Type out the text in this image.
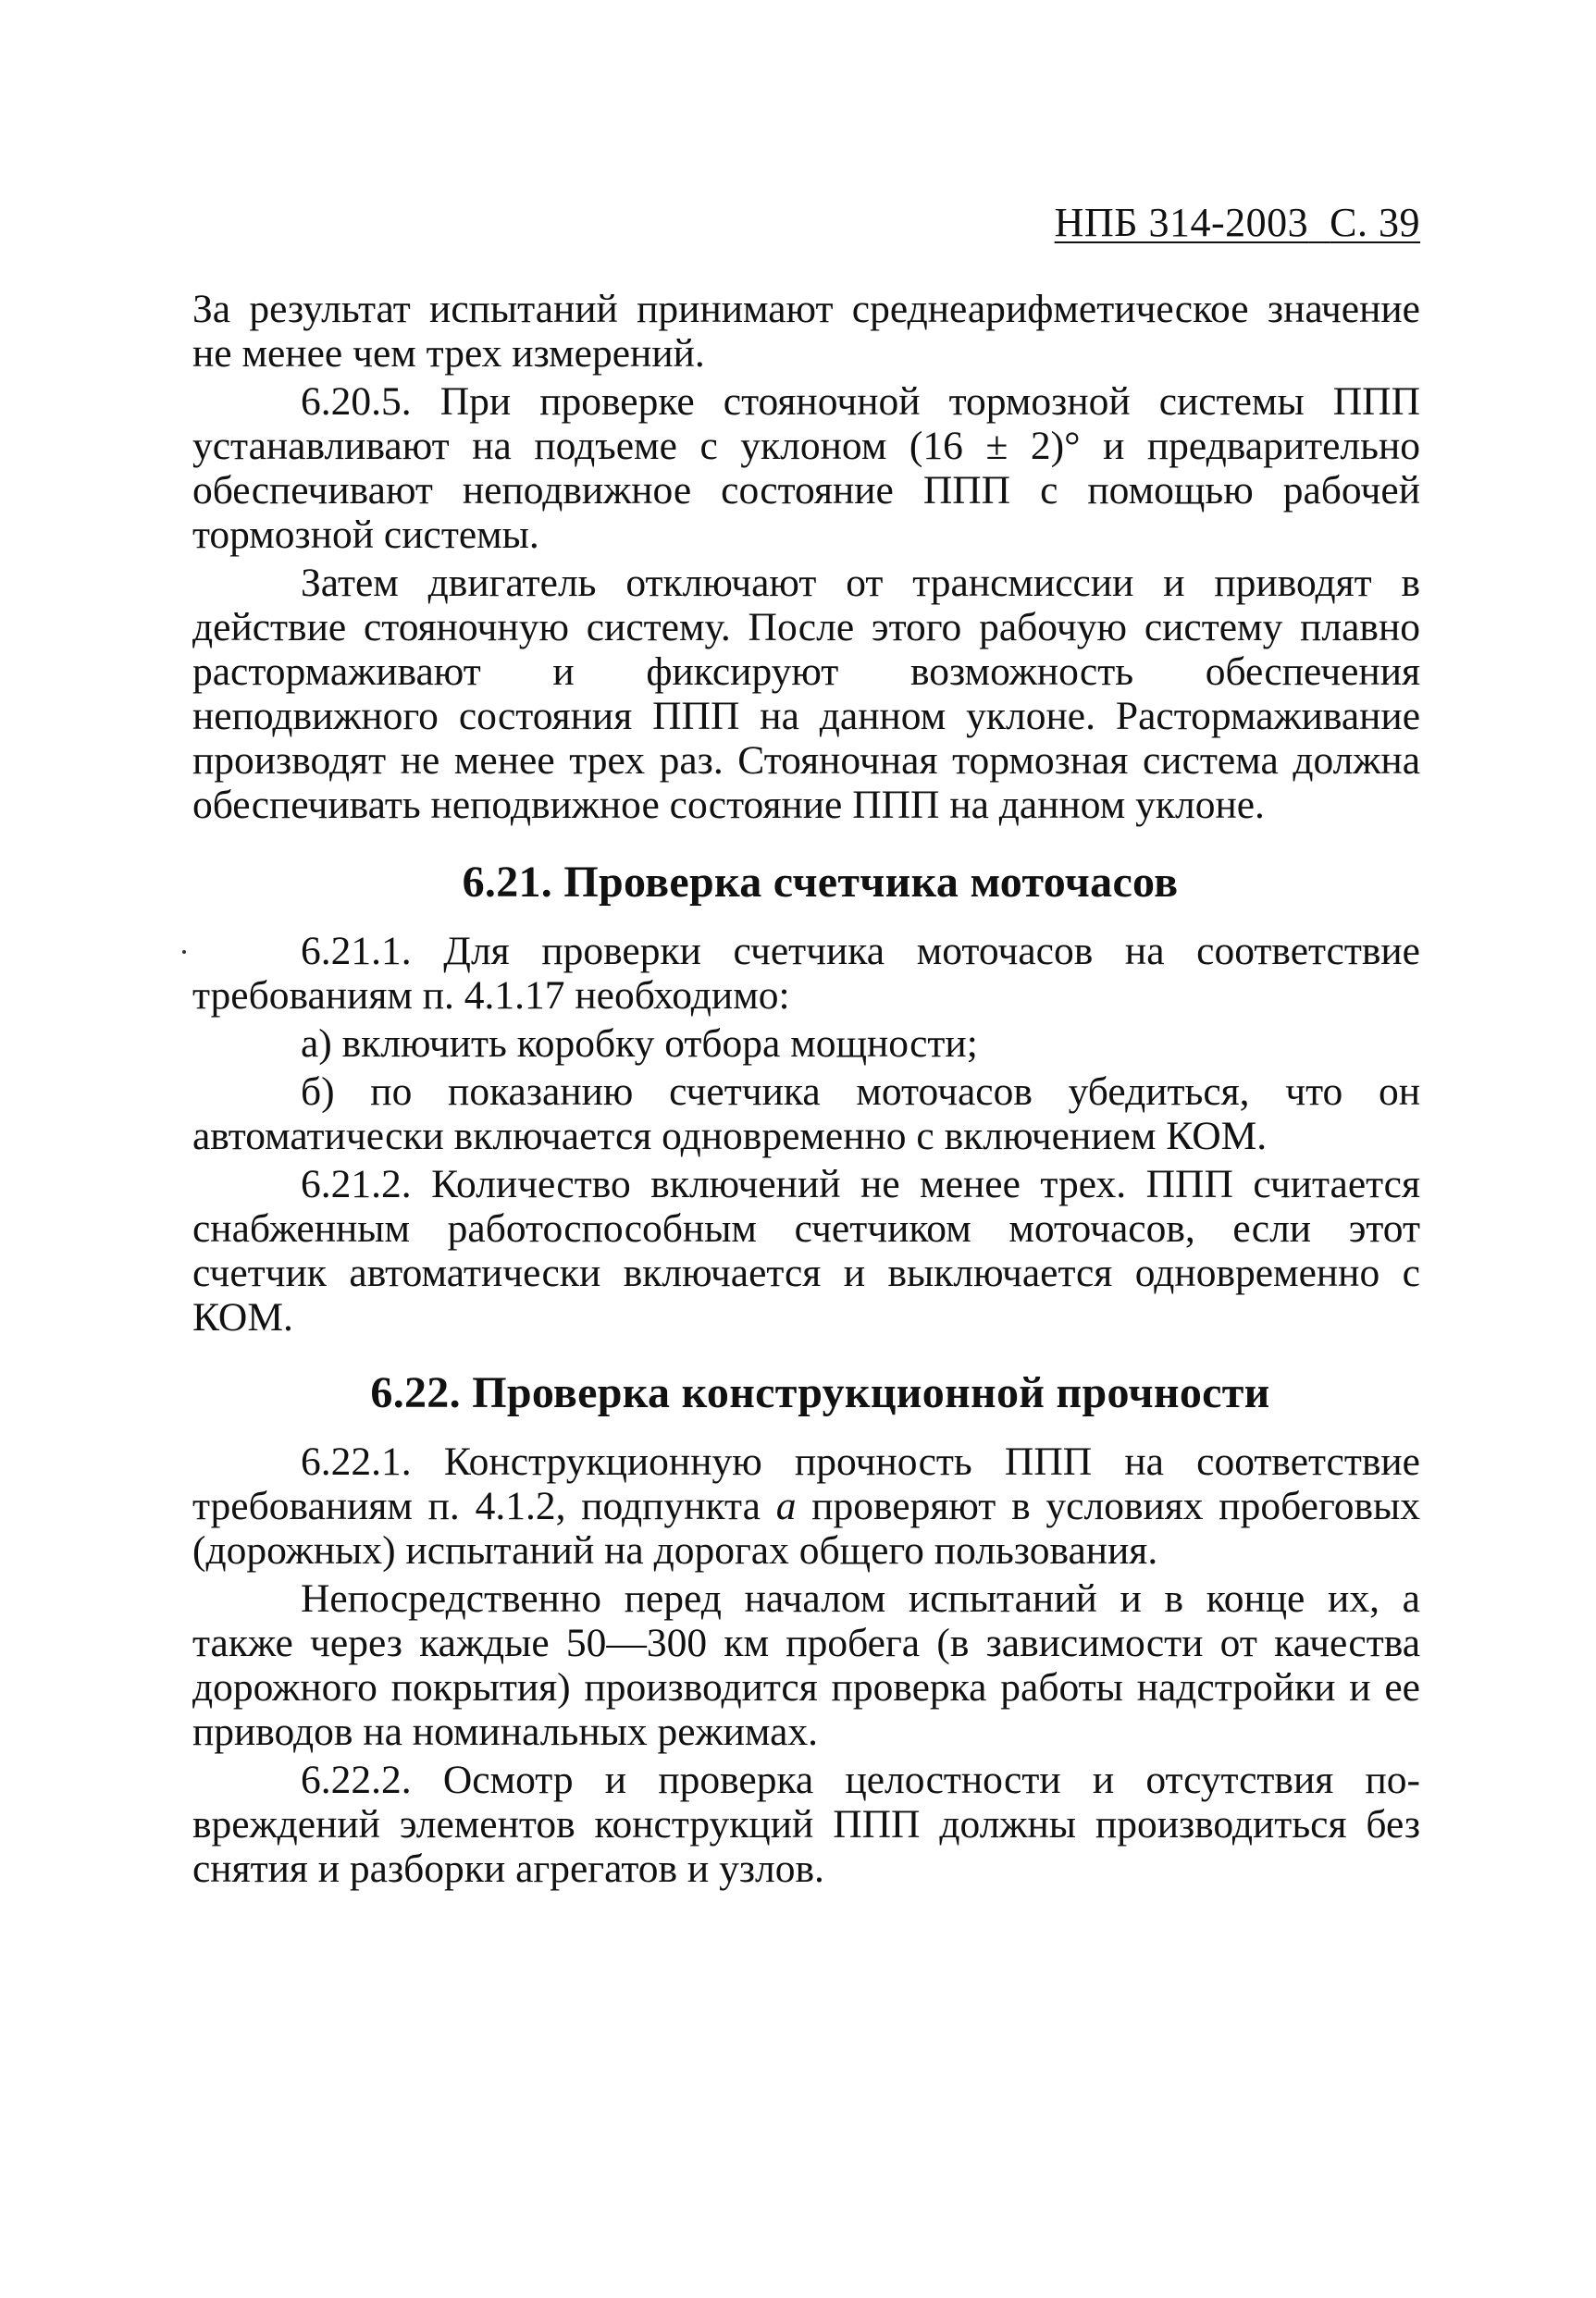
НПБ 314-2003 С. 39

За результат испытаний принимают среднеарифметическое значение не менее чем трех измерений.

6.20.5. При проверке стояночной тормозной системы ППП устанавливают на подъеме с уклоном (16 ± 2)° и предварительно обеспечивают неподвижное состояние ППП с помощью рабочей тормозной системы.

Затем двигатель отключают от трансмиссии и приводят в действие стояночную систему. После этого рабочую систему плавно растормаживают и фиксируют возможность обеспечения неподвижного состояния ППП на данном уклоне. Растормаживание производят не менее трех раз. Стояночная тормозная система должна обеспечивать неподвижное состояние ППП на данном уклоне.

6.21. Проверка счетчика моточасов

6.21.1. Для проверки счетчика моточасов на соответствие требованиям п. 4.1.17 необходимо:

а) включить коробку отбора мощности;

б) по показанию счетчика моточасов убедиться, что он автоматически включается одновременно с включением КОМ.

6.21.2. Количество включений не менее трех. ППП считается снабженным работоспособным счетчиком моточасов, если этот счетчик автоматически включается и выключается одновременно с КОМ.

6.22. Проверка конструкционной прочности

6.22.1. Конструкционную прочность ППП на соответствие требованиям п. 4.1.2, подпункта а проверяют в условиях пробеговых (дорожных) испытаний на дорогах общего пользования.

Непосредственно перед началом испытаний и в конце их, а также через каждые 50—300 км пробега (в зависимости от качества дорожного покрытия) производится проверка работы надстройки и ее приводов на номинальных режимах.

6.22.2. Осмотр и проверка целостности и отсутствия повреждений элементов конструкций ППП должны производиться без снятия и разборки агрегатов и узлов.
